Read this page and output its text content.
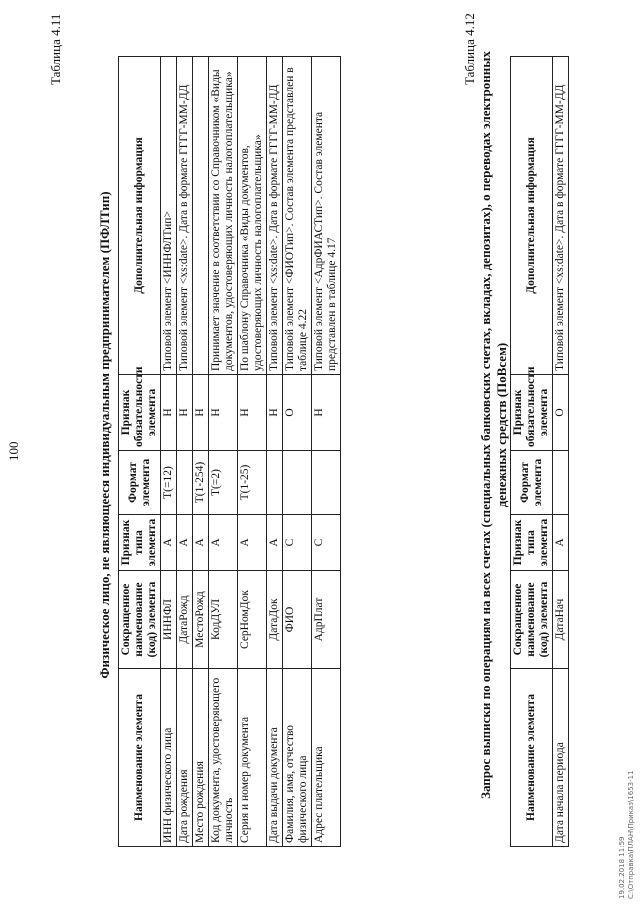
100
Таблица 4.11
Физическое лицо, не являющееся индивидуальным предпринимателем (ПФЛТип)
Наименование элемента	Сокращенное наименование (код) элемента	Признак типа элемента	Формат элемента	Признак обязательности элемента	Дополнительная информация
ИНН физического лица	ИННФЛ	А	Т(=12)	Н	Типовой элемент <ИННФЛТип>
Дата рождения	ДатаРожд	А		Н	Типовой элемент <xs:date>. Дата в формате ГГГГ-ММ-ДД
Место рождения	МестоРожд	А	Т(1-254)	Н	
Код документа, удостоверяющего личность	КодДУЛ	А	Т(=2)	Н	Принимает значение в соответствии со Справочником «Виды документов, удостоверяющих личность налогоплательщика»
Серия и номер документа	СерНомДок	А	Т(1-25)	Н	По шаблону Справочника «Виды документов, удостоверяющих личность налогоплательщика»
Дата выдачи документа	ДатаДок	А		Н	Типовой элемент <xs:date>. Дата в формате ГГГГ-ММ-ДД
Фамилия, имя, отчество физического лица	ФИО	С		О	Типовой элемент <ФИОТип>. Состав элемента представлен в таблице 4.22
Адрес плательщика	АдрПлат	С		Н	Типовой элемент <АдрФИАСТип>. Состав элемента представлен в таблице 4.17
Таблица 4.12
Запрос выписки по операциям на всех счетах (специальных банковских счетах, вкладах, депозитах), о переводах электронных денежных средств (ПоВсем)
Наименование элемента	Сокращенное наименование (код) элемента	Признак типа элемента	Формат элемента	Признак обязательности элемента	Дополнительная информация
Дата начала периода	ДатаНач	А		О	Типовой элемент <xs:date>. Дата в формате ГГГГ-ММ-ДД
19.02.2018 11:59 С:\Отправка\ПЛАН\Приказ\1653-11
